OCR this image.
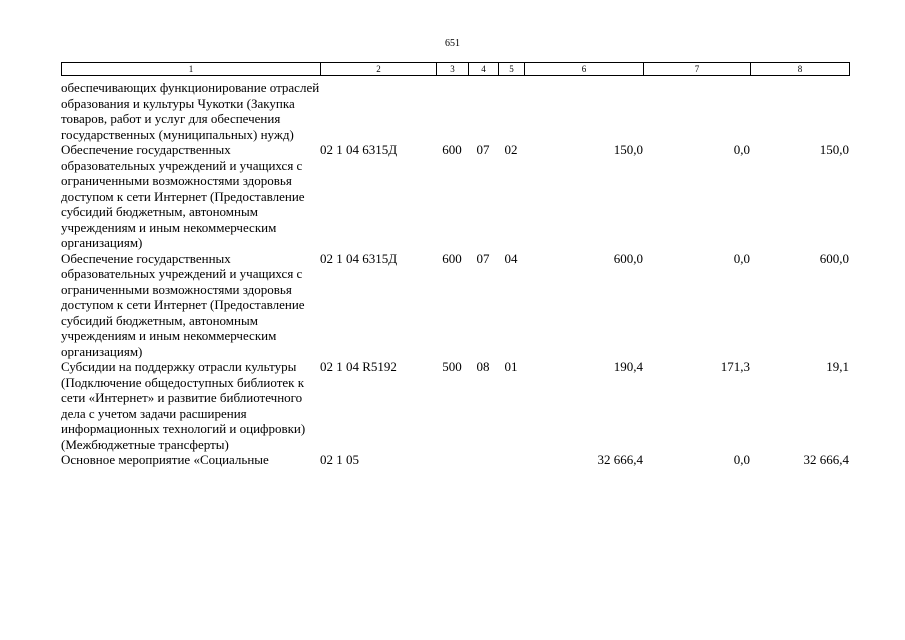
651
1	2	3	4	5	6	7	8
обеспечивающих функционирование отраслей образования и культуры Чукотки (Закупка товаров, работ и услуг для обеспечения государственных (муниципальных) нужд)							
Обеспечение государственных образовательных учреждений и учащихся с ограниченными возможностями здоровья доступом к сети Интернет (Предоставление субсидий бюджетным, автономным учреждениям и иным некоммерческим организациям)	02 1 04 6315Д	600	07	02	150,0	0,0	150,0
Обеспечение государственных образовательных учреждений и учащихся с ограниченными возможностями здоровья доступом к сети Интернет (Предоставление субсидий бюджетным, автономным учреждениям и иным некоммерческим организациям)	02 1 04 6315Д	600	07	04	600,0	0,0	600,0
Субсидии на поддержку отрасли культуры (Подключение общедоступных библиотек к сети «Интернет» и развитие библиотечного дела с учетом задачи расширения информационных технологий и оцифровки) (Межбюджетные трансферты)	02 1 04 R5192	500	08	01	190,4	171,3	19,1
Основное мероприятие «Социальные	02 1 05				32 666,4	0,0	32 666,4
